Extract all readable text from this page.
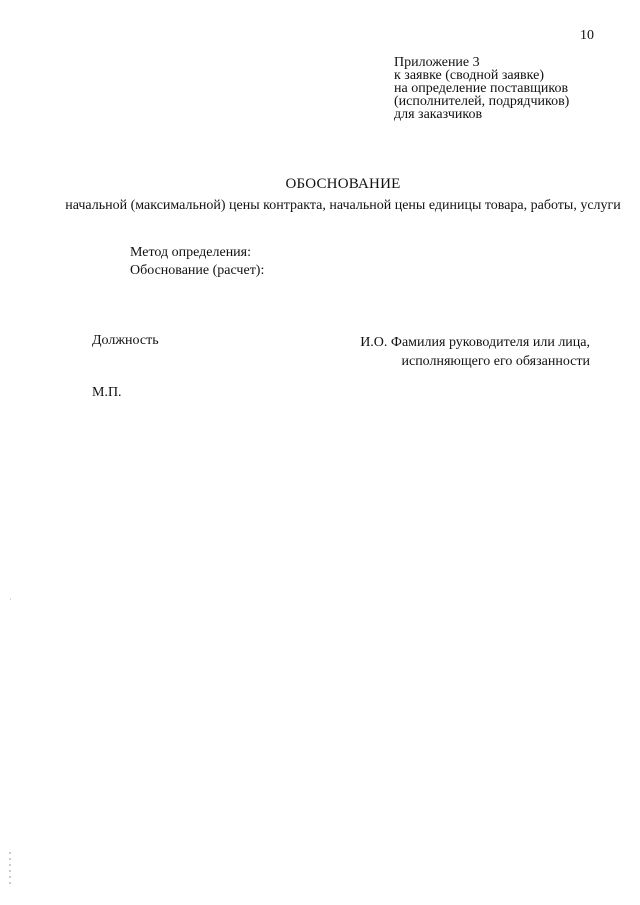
10
Приложение 3
к заявке (сводной заявке)
на определение поставщиков
(исполнителей, подрядчиков)
для заказчиков
ОБОСНОВАНИЕ
начальной (максимальной) цены контракта, начальной цены единицы товара, работы, услуги
Метод определения:
Обоснование (расчет):
Должность	И.О. Фамилия руководителя или лица,
исполняющего его обязанности
М.П.
